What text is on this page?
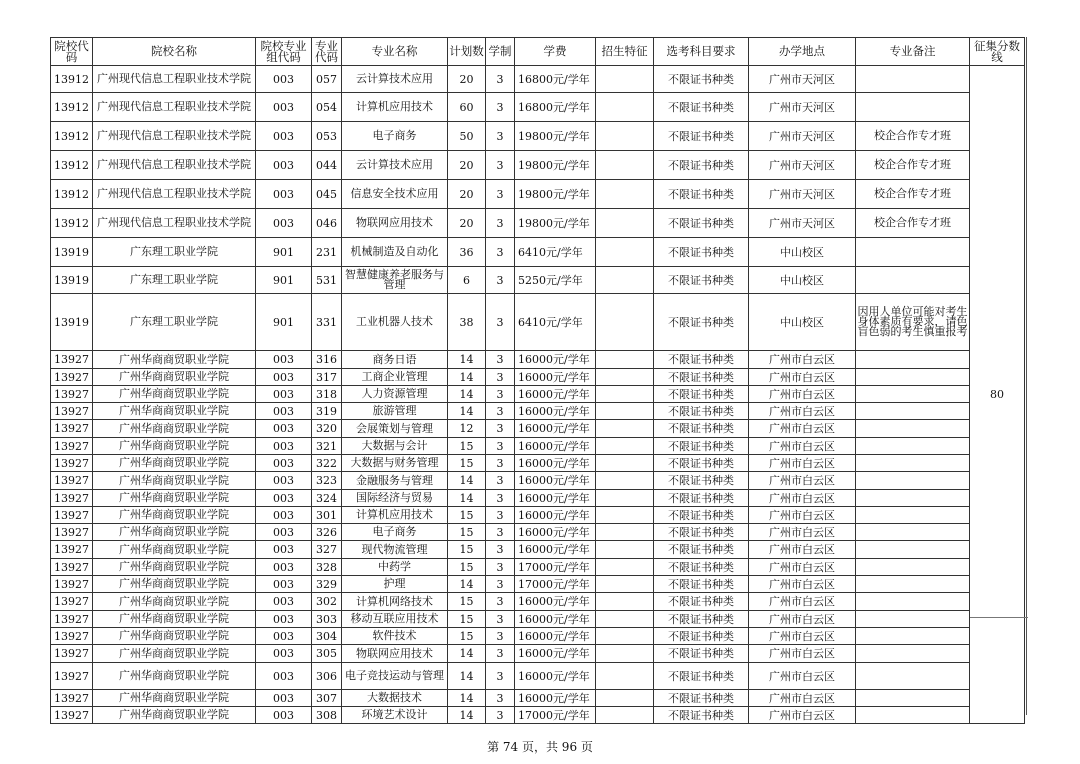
院校代码	院校名称	院校专业组代码	专业代码	专业名称	计划数	学制	学费	招生特征	选考科目要求	办学地点	专业备注	征集分数线
13912	广州现代信息工程职业技术学院	003	057	云计算技术应用	20	3	16800元/学年		不限证书种类	广州市天河区		80
13912	广州现代信息工程职业技术学院	003	054	计算机应用技术	60	3	16800元/学年		不限证书种类	广州市天河区		
13912	广州现代信息工程职业技术学院	003	053	电子商务	50	3	19800元/学年		不限证书种类	广州市天河区	校企合作专才班	
13912	广州现代信息工程职业技术学院	003	044	云计算技术应用	20	3	19800元/学年		不限证书种类	广州市天河区	校企合作专才班	
13912	广州现代信息工程职业技术学院	003	045	信息安全技术应用	20	3	19800元/学年		不限证书种类	广州市天河区	校企合作专才班	
13912	广州现代信息工程职业技术学院	003	046	物联网应用技术	20	3	19800元/学年		不限证书种类	广州市天河区	校企合作专才班	
13919	广东理工职业学院	901	231	机械制造及自动化	36	3	6410元/学年		不限证书种类	中山校区		
13919	广东理工职业学院	901	531	智慧健康养老服务与管理	6	3	5250元/学年		不限证书种类	中山校区		
13919	广东理工职业学院	901	331	工业机器人技术	38	3	6410元/学年		不限证书种类	中山校区	因用人单位可能对考生身体素质有要求，请色盲色弱的考生慎重报考	
13927	广州华商商贸职业学院	003	316	商务日语	14	3	16000元/学年		不限证书种类	广州市白云区		
13927	广州华商商贸职业学院	003	317	工商企业管理	14	3	16000元/学年		不限证书种类	广州市白云区		
13927	广州华商商贸职业学院	003	318	人力资源管理	14	3	16000元/学年		不限证书种类	广州市白云区		
13927	广州华商商贸职业学院	003	319	旅游管理	14	3	16000元/学年		不限证书种类	广州市白云区		
13927	广州华商商贸职业学院	003	320	会展策划与管理	12	3	16000元/学年		不限证书种类	广州市白云区		
13927	广州华商商贸职业学院	003	321	大数据与会计	15	3	16000元/学年		不限证书种类	广州市白云区		
13927	广州华商商贸职业学院	003	322	大数据与财务管理	15	3	16000元/学年		不限证书种类	广州市白云区		
13927	广州华商商贸职业学院	003	323	金融服务与管理	14	3	16000元/学年		不限证书种类	广州市白云区		
13927	广州华商商贸职业学院	003	324	国际经济与贸易	14	3	16000元/学年		不限证书种类	广州市白云区		
13927	广州华商商贸职业学院	003	301	计算机应用技术	15	3	16000元/学年		不限证书种类	广州市白云区		
13927	广州华商商贸职业学院	003	326	电子商务	15	3	16000元/学年		不限证书种类	广州市白云区		
13927	广州华商商贸职业学院	003	327	现代物流管理	15	3	16000元/学年		不限证书种类	广州市白云区		
13927	广州华商商贸职业学院	003	328	中药学	15	3	17000元/学年		不限证书种类	广州市白云区		
13927	广州华商商贸职业学院	003	329	护理	14	3	17000元/学年		不限证书种类	广州市白云区		
13927	广州华商商贸职业学院	003	302	计算机网络技术	15	3	16000元/学年		不限证书种类	广州市白云区		
13927	广州华商商贸职业学院	003	303	移动互联应用技术	15	3	16000元/学年		不限证书种类	广州市白云区		
13927	广州华商商贸职业学院	003	304	软件技术	15	3	16000元/学年		不限证书种类	广州市白云区		
13927	广州华商商贸职业学院	003	305	物联网应用技术	14	3	16000元/学年		不限证书种类	广州市白云区		
13927	广州华商商贸职业学院	003	306	电子竞技运动与管理	14	3	16000元/学年		不限证书种类	广州市白云区		
13927	广州华商商贸职业学院	003	307	大数据技术	14	3	16000元/学年		不限证书种类	广州市白云区		
13927	广州华商商贸职业学院	003	308	环境艺术设计	14	3	17000元/学年		不限证书种类	广州市白云区		
第 74 页，共 96 页
